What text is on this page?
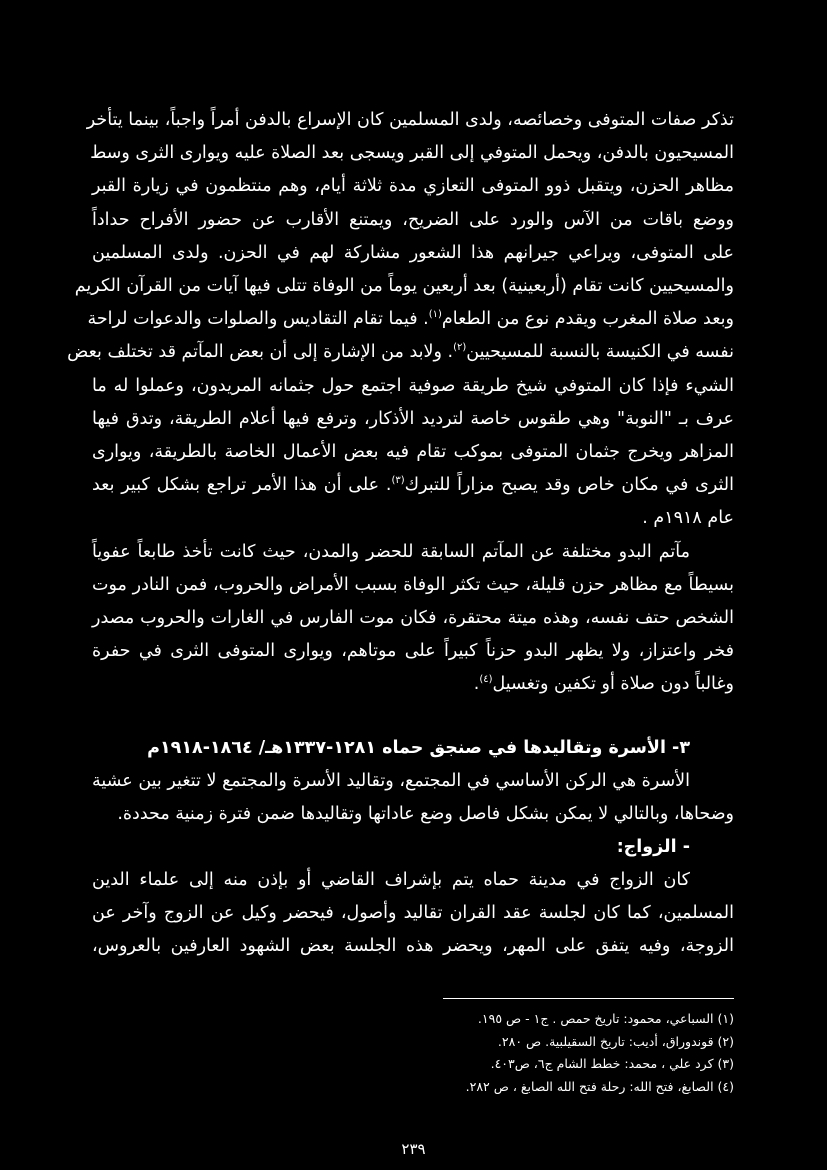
تذكر صفات المتوفى وخصائصه، ولدى المسلمين كان الإسراع بالدفن أمراً واجباً، بينما يتأخر
المسيحيون بالدفن، ويحمل المتوفي إلى القبر ويسجى بعد الصلاة عليه ويوارى الثرى وسط
مظاهر الحزن، ويتقبل ذوو المتوفى التعازي مدة ثلاثة أيام، وهم منتظمون في زيارة القبر
ووضع باقات من الآس والورد على الضريح، ويمتنع الأقارب عن حضور الأفراح حداداً
على المتوفى، ويراعي جيرانهم هذا الشعور مشاركة لهم في الحزن. ولدى المسلمين
والمسيحيين كانت تقام (أربعينية) بعد أربعين يوماً من الوفاة تتلى فيها آيات من القرآن الكريم
وبعد صلاة المغرب ويقدم نوع من الطعام$^{(١)}$. فيما تقام التقاديس والصلوات والدعوات لراحة
نفسه في الكنيسة بالنسبة للمسيحيين$^{(٢)}$. ولابد من الإشارة إلى أن بعض المآتم قد تختلف بعض
الشيء فإذا كان المتوفي شيخ طريقة صوفية اجتمع حول جثمانه المريدون، وعملوا له ما
عرف بـ "النوبة" وهي طقوس خاصة لترديد الأذكار، وترفع فيها أعلام الطريقة، وتدق فيها
المزاهر ويخرج جثمان المتوفى بموكب تقام فيه بعض الأعمال الخاصة بالطريقة، ويوارى
الثرى في مكان خاص وقد يصبح مزاراً للتبرك$^{(٣)}$. على أن هذا الأمر تراجع بشكل كبير بعد
عام ١٩١٨م .

مآتم البدو مختلفة عن المآتم السابقة للحضر والمدن، حيث كانت تأخذ طابعاً عفوياً
بسيطاً مع مظاهر حزن قليلة، حيث تكثر الوفاة بسبب الأمراض والحروب، فمن النادر موت
الشخص حتف نفسه، وهذه ميتة محتقرة، فكان موت الفارس في الغارات والحروب مصدر
فخر واعتزاز، ولا يظهر البدو حزناً كبيراً على موتاهم، ويوارى المتوفى الثرى في حفرة
وغالباً دون صلاة أو تكفين وتغسيل$^{(٤)}$.

٣- الأسرة وتقاليدها في صنجق حماه ١٢٨١-١٣٣٧هـ/ ١٨٦٤-١٩١٨م

الأسرة هي الركن الأساسي في المجتمع، وتقاليد الأسرة والمجتمع لا تتغير بين عشية
وضحاها، وبالتالي لا يمكن بشكل فاصل وضع عاداتها وتقاليدها ضمن فترة زمنية محددة.

- الزواج:

كان الزواج في مدينة حماه يتم بإشراف القاضي أو بإذن منه إلى علماء الدين
المسلمين، كما كان لجلسة عقد القران تقاليد وأصول، فيحضر وكيل عن الزوج وآخر عن
الزوجة، وفيه يتفق على المهر، ويحضر هذه الجلسة بعض الشهود العارفين بالعروس،

(١) السباعي، محمود: تاريخ حمص . ج١ - ص ١٩٥.
(٢) قوندوراق، أديب: تاريخ السقيلبية. ص ٢٨٠.
(٣) كرد علي ، محمد: خطط الشام ج٦، ص٤٠٣.
(٤) الصابغ، فتح الله: رحلة فتح الله الصابغ ، ص ٢٨٢.
٢٣٩
